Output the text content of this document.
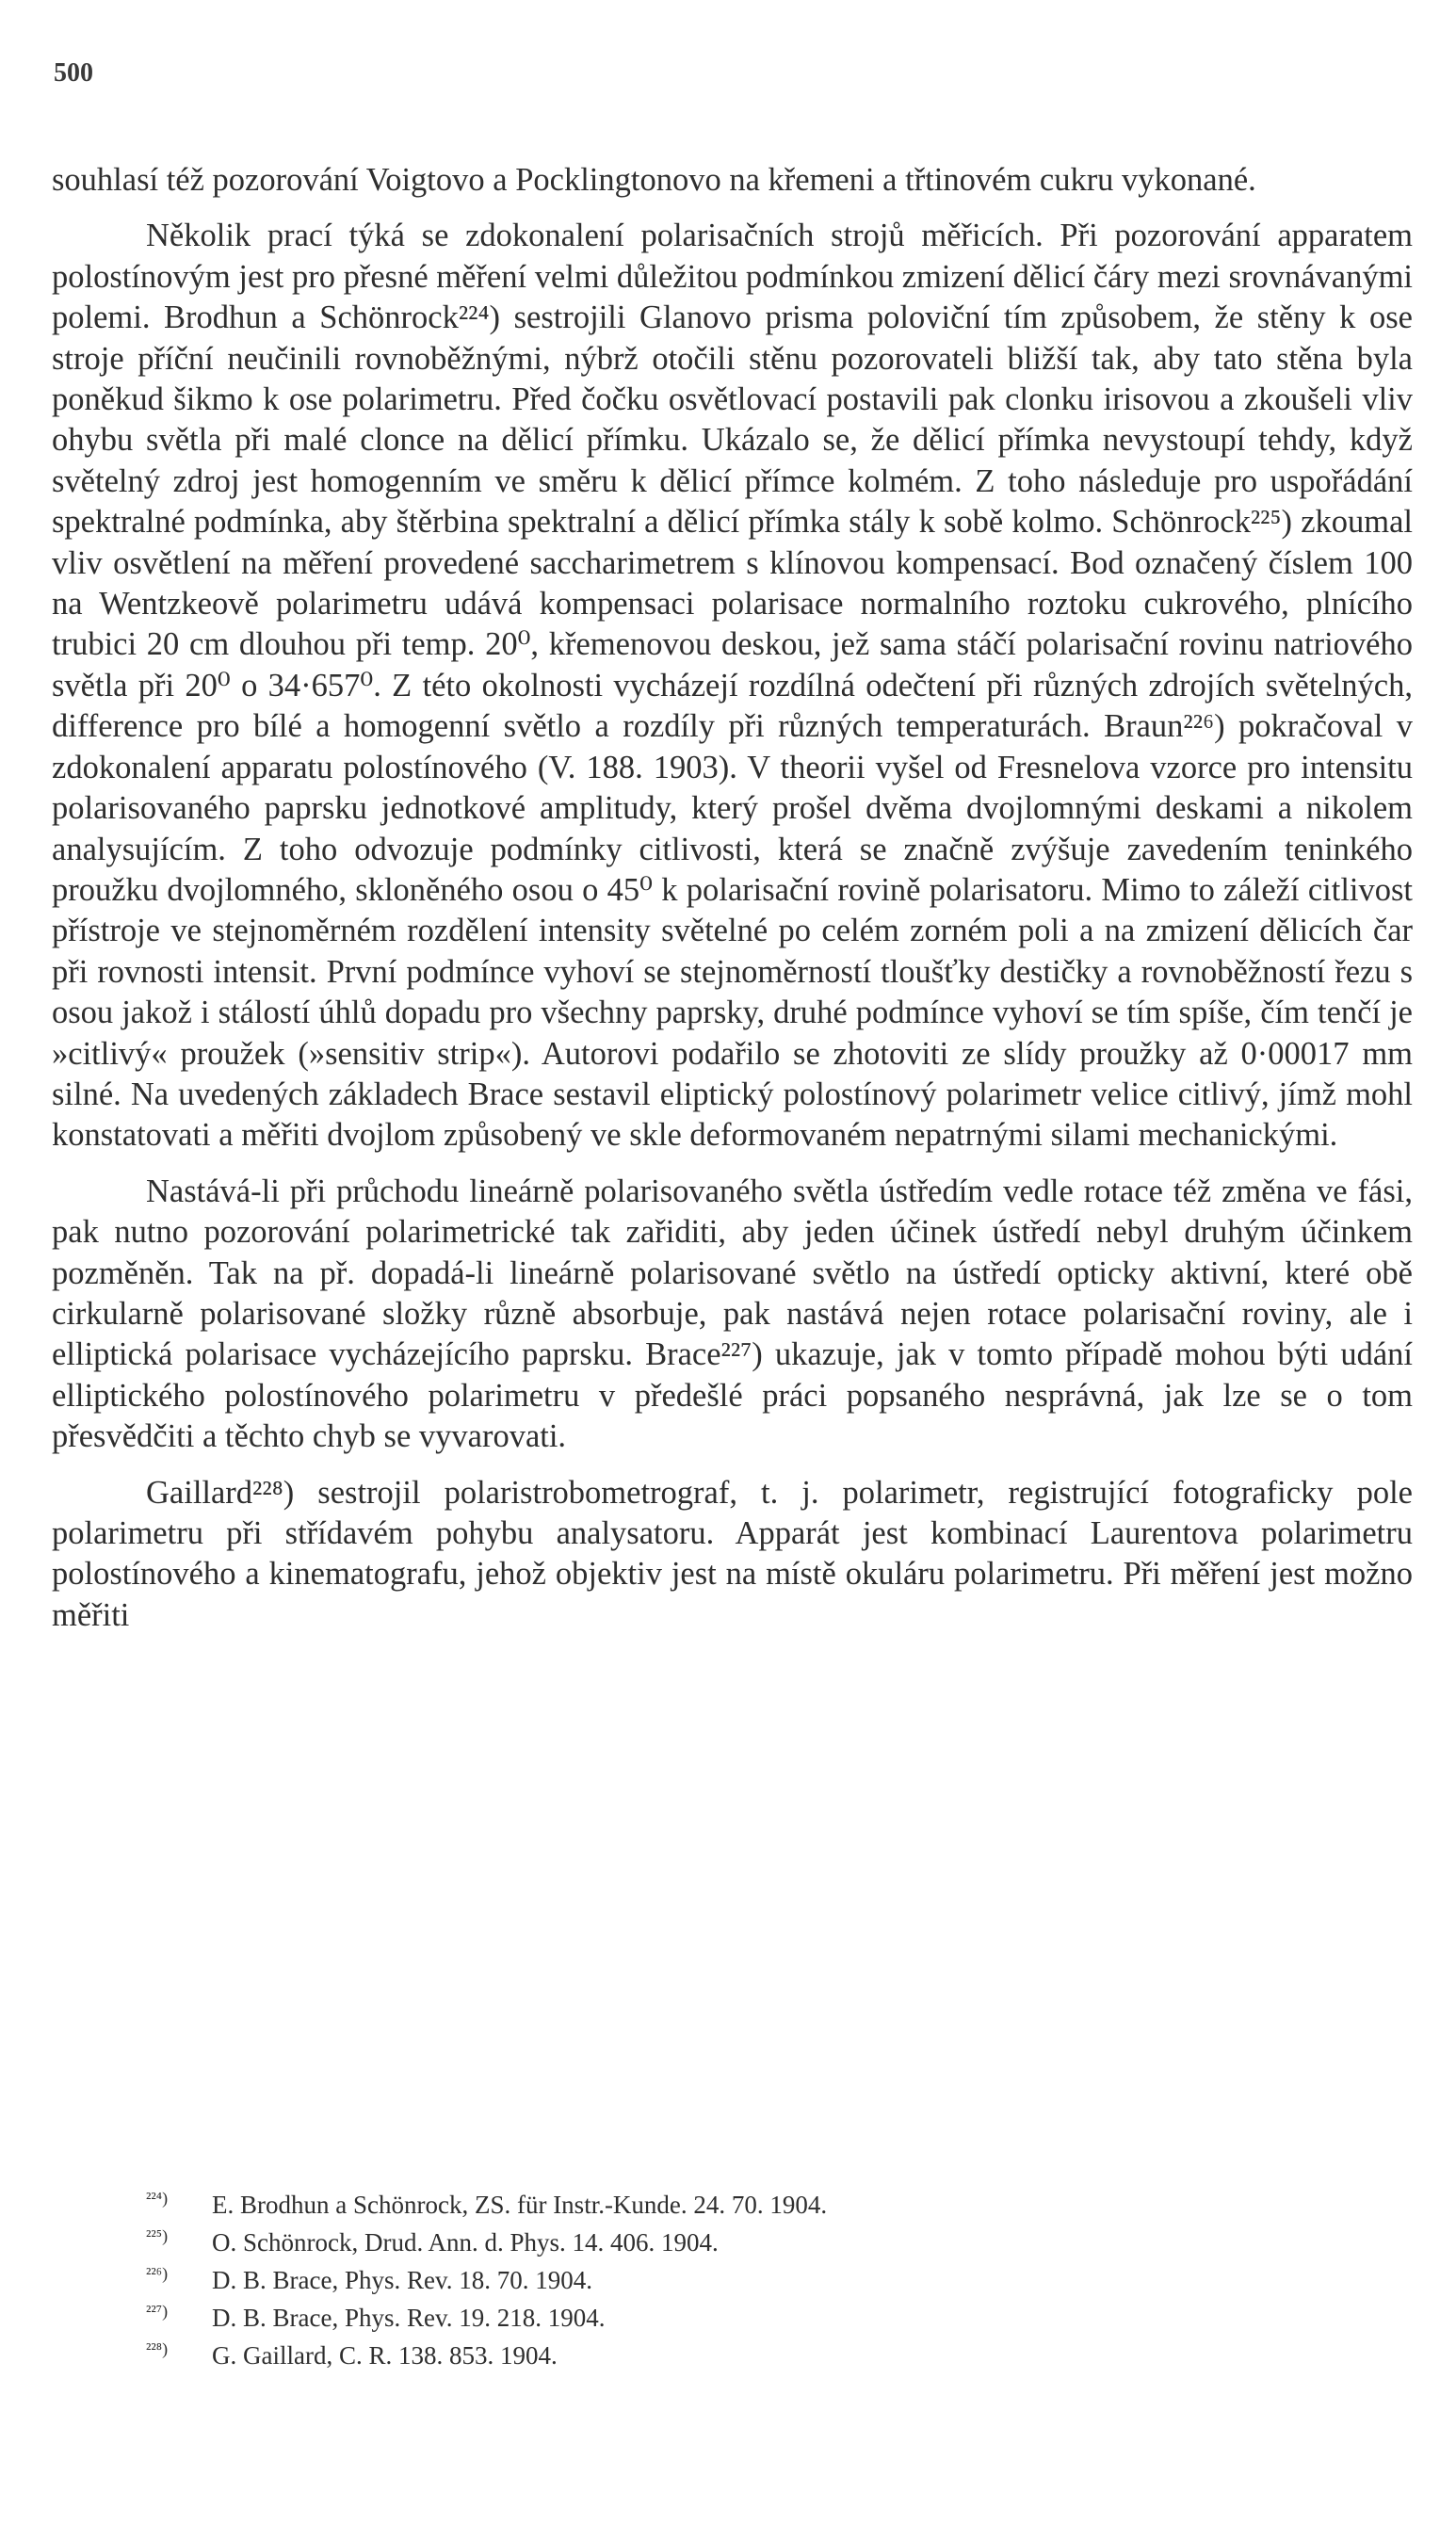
500

souhlasí též pozorování Voigtovo a Pocklingtonovo na křemeni a třtinovém cukru vykonané.

Několik prací týká se zdokonalení polarisačních strojů měřicích. Při pozorování apparatem polostínovým jest pro přesné měření velmi důležitou podmínkou zmizení dělicí čáry mezi srovnávanými polemi. Brodhun a Schönrock²²⁴) sestrojili Glanovo prisma poloviční tím způsobem, že stěny k ose stroje příční neučinili rovnoběžnými, nýbrž otočili stěnu pozorovateli bližší tak, aby tato stěna byla poněkud šikmo k ose polarimetru. Před čočku osvětlovací postavili pak clonku irisovou a zkoušeli vliv ohybu světla při malé clonce na dělicí přímku. Ukázalo se, že dělicí přímka nevystoupí tehdy, když světelný zdroj jest homogenním ve směru k dělicí přímce kolmém. Z toho následuje pro uspořádání spektralné podmínka, aby štěrbina spektralní a dělicí přímka stály k sobě kolmo. Schönrock²²⁵) zkoumal vliv osvětlení na měření provedené saccharimetrem s klínovou kompensací. Bod označený číslem 100 na Wentzkeově polarimetru udává kompensaci polarisace normalního roztoku cukrového, plnícího trubici 20 cm dlouhou při temp. 20⁰, křemenovou deskou, jež sama stáčí polarisační rovinu natriového světla při 20⁰ o 34·657⁰. Z této okolnosti vycházejí rozdílná odečtení při různých zdrojích světelných, difference pro bílé a homogenní světlo a rozdíly při různých temperaturách. Braun²²⁶) pokračoval v zdokonalení apparatu polostínového (V. 188. 1903). V theorii vyšel od Fresnelova vzorce pro intensitu polarisovaného paprsku jednotkové amplitudy, který prošel dvěma dvojlomnými deskami a nikolem analysujícím. Z toho odvozuje podmínky citlivosti, která se značně zvýšuje zavedením teninkého proužku dvojlomného, skloněného osou o 45⁰ k polarisační rovině polarisatoru. Mimo to záleží citlivost přístroje ve stejnoměrném rozdělení intensity světelné po celém zorném poli a na zmizení dělicích čar při rovnosti intensit. První podmínce vyhoví se stejnoměrností tloušťky destičky a rovnoběžností řezu s osou jakož i stálostí úhlů dopadu pro všechny paprsky, druhé podmínce vyhoví se tím spíše, čím tenčí je »citlivý« proužek (»sensitiv strip«). Autorovi podařilo se zhotoviti ze slídy proužky až 0·00017 mm silné. Na uvedených základech Brace sestavil eliptický polostínový polarimetr velice citlivý, jímž mohl konstatovati a měřiti dvojlom způsobený ve skle deformovaném nepatrnými silami mechanickými.

Nastává-li při průchodu lineárně polarisovaného světla ústředím vedle rotace též změna ve fási, pak nutno pozorování polarimetrické tak zařiditi, aby jeden účinek ústředí nebyl druhým účinkem pozměněn. Tak na př. dopadá-li lineárně polarisované světlo na ústředí opticky aktivní, které obě cirkularně polarisované složky různě absorbuje, pak nastává nejen rotace polarisační roviny, ale i elliptická polarisace vycházejícího paprsku. Brace²²⁷) ukazuje, jak v tomto případě mohou býti udání elliptického polostínového polarimetru v předešlé práci popsaného nesprávná, jak lze se o tom přesvědčiti a těchto chyb se vyvarovati.

Gaillard²²⁸) sestrojil polaristrobometrograf, t. j. polarimetr, registrující fotograficky pole polarimetru při střídavém pohybu analysatoru. Apparát jest kombinací Laurentova polarimetru polostínového a kinematografu, jehož objektiv jest na místě okuláru polarimetru. Při měření jest možno měřiti

²²⁴) E. Brodhun a Schönrock, ZS. für Instr.-Kunde. 24. 70. 1904.
²²⁵) O. Schönrock, Drud. Ann. d. Phys. 14. 406. 1904.
²²⁶) D. B. Brace, Phys. Rev. 18. 70. 1904.
²²⁷) D. B. Brace, Phys. Rev. 19. 218. 1904.
²²⁸) G. Gaillard, C. R. 138. 853. 1904.
